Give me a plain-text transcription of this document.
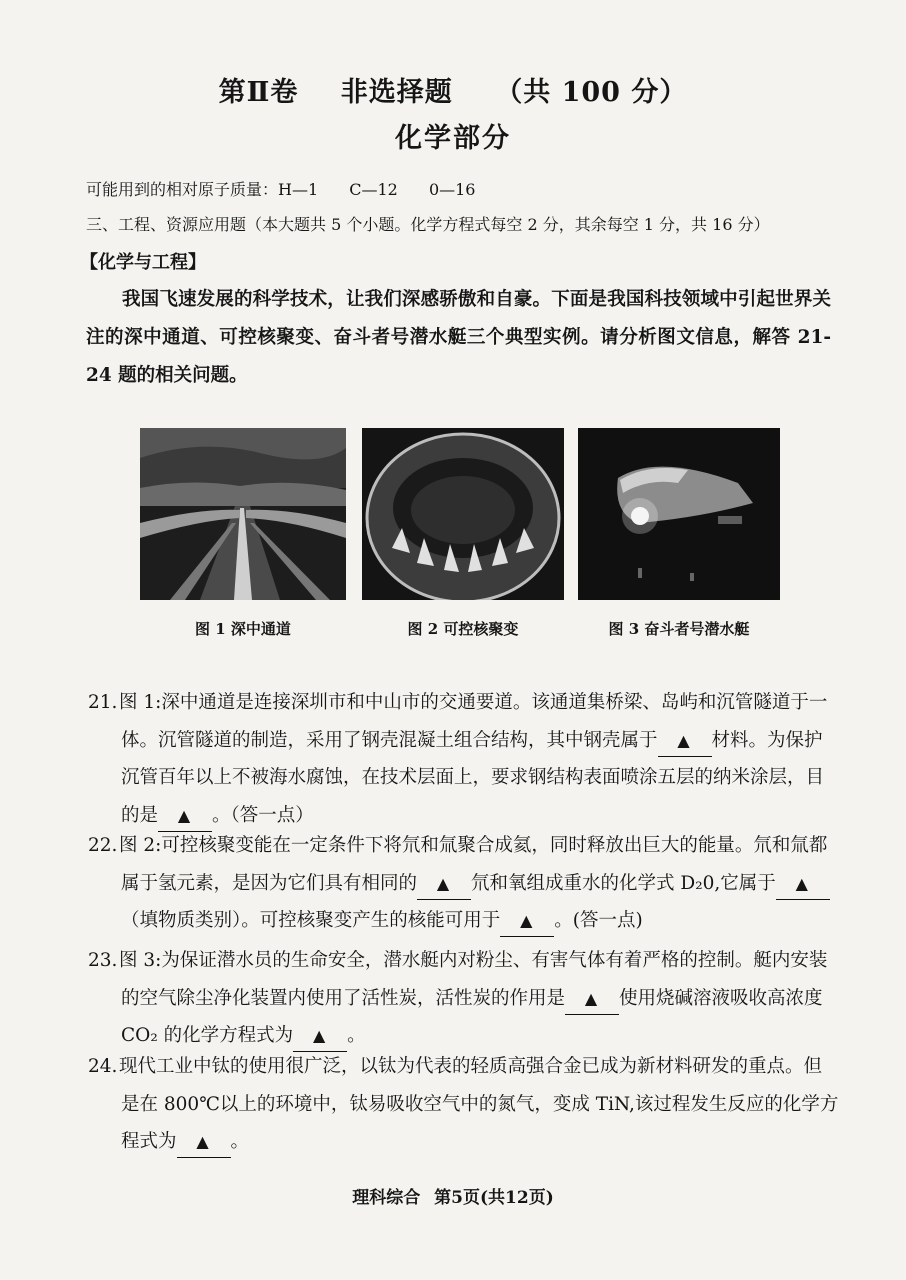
第Ⅱ卷 非选择题 （共 100 分）
化学部分
可能用到的相对原子质量：H—1 C—12 0—16
三、工程、资源应用题（本大题共 5 个小题。化学方程式每空 2 分，其余每空 1 分，共 16 分）
【化学与工程】

我国飞速发展的科学技术，让我们深感骄傲和自豪。下面是我国科技领域中引起世界关注的深中通道、可控核聚变、奋斗者号潜水艇三个典型实例。请分析图文信息，解答 21- 24 题的相关问题。

图 1 深中通道	图 2 可控核聚变	图 3 奋斗者号潜水艇
21. 图 1:深中通道是连接深圳市和中山市的交通要道。该通道集桥梁、岛屿和沉管隧道于一体。沉管隧道的制造，采用了钢壳混凝土组合结构，其中钢壳属于 ▲ 材料。为保护沉管百年以上不被海水腐蚀，在技术层面上，要求钢结构表面喷涂五层的纳米涂层，目的是 ▲ 。（答一点）
22. 图 2:可控核聚变能在一定条件下将氘和氚聚合成氦，同时释放出巨大的能量。氘和氚都属于氢元素，是因为它们具有相同的 ▲ 氘和氧组成重水的化学式 D₂0,它属于 ▲（填物质类别）。可控核聚变产生的核能可用于 ▲ 。(答一点)
23. 图 3:为保证潜水员的生命安全，潜水艇内对粉尘、有害气体有着严格的控制。艇内安装的空气除尘净化装置内使用了活性炭，活性炭的作用是 ▲ 使用烧碱溶液吸收高浓度 CO₂ 的化学方程式为 ▲ 。
24. 现代工业中钛的使用很广泛，以钛为代表的轻质高强合金已成为新材料研发的重点。但是在 800℃以上的环境中，钛易吸收空气中的氮气，变成 TiN,该过程发生反应的化学方程式为 ▲ 。
理科综合 第5页(共12页)
